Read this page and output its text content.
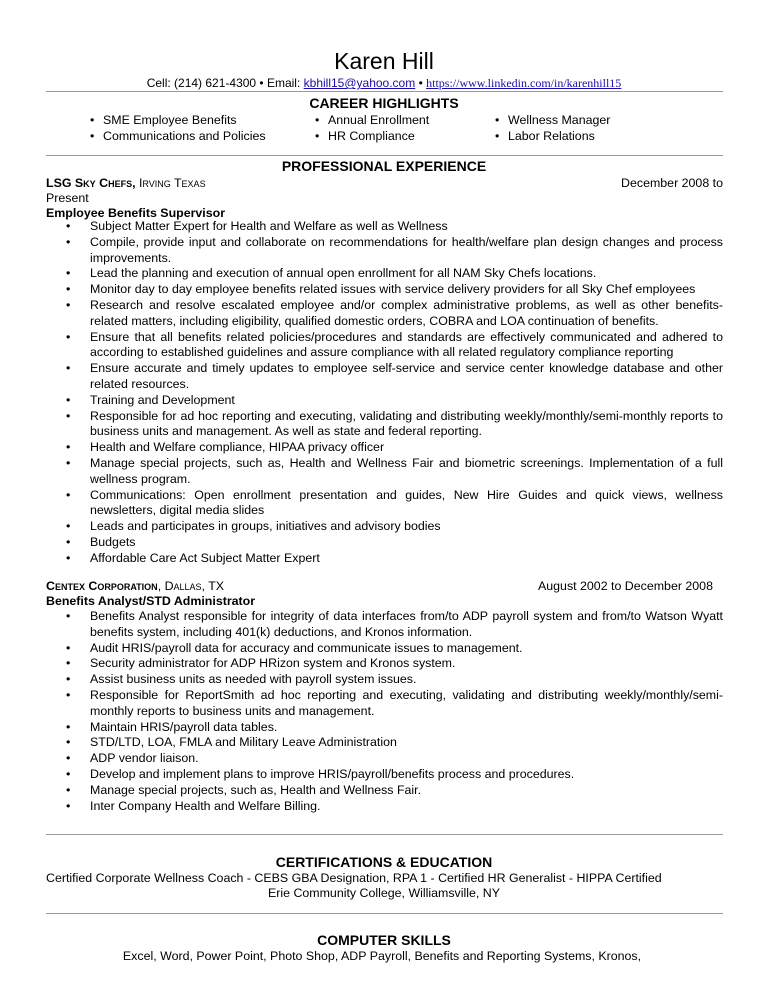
Karen Hill
Cell: (214) 621-4300 • Email: kbhill15@yahoo.com • https://www.linkedin.com/in/karenhill15
CAREER HIGHLIGHTS
• SME Employee Benefits
• Communications and Policies
• Annual Enrollment
• HR Compliance
• Wellness Manager
• Labor Relations
PROFESSIONAL EXPERIENCE
LSG Sky Chefs, Irving Texas	December 2008 to
Present
Employee Benefits Supervisor
• Subject Matter Expert for Health and Welfare as well as Wellness
• Compile, provide input and collaborate on recommendations for health/welfare plan design changes and process improvements.
• Lead the planning and execution of annual open enrollment for all NAM Sky Chefs locations.
• Monitor day to day employee benefits related issues with service delivery providers for all Sky Chef employees
• Research and resolve escalated employee and/or complex administrative problems, as well as other benefits-related matters, including eligibility, qualified domestic orders, COBRA and LOA continuation of benefits.
• Ensure that all benefits related policies/procedures and standards are effectively communicated and adhered to according to established guidelines and assure compliance with all related regulatory compliance reporting
• Ensure accurate and timely updates to employee self-service and service center knowledge database and other related resources.
• Training and Development
• Responsible for ad hoc reporting and executing, validating and distributing weekly/monthly/semi-monthly reports to business units and management. As well as state and federal reporting.
• Health and Welfare compliance, HIPAA privacy officer
• Manage special projects, such as, Health and Wellness Fair and biometric screenings. Implementation of a full wellness program.
• Communications: Open enrollment presentation and guides, New Hire Guides and quick views, wellness newsletters, digital media slides
• Leads and participates in groups, initiatives and advisory bodies
• Budgets
• Affordable Care Act Subject Matter Expert
Centex Corporation, Dallas, TX	August 2002 to December 2008
Benefits Analyst/STD Administrator
• Benefits Analyst responsible for integrity of data interfaces from/to ADP payroll system and from/to Watson Wyatt benefits system, including 401(k) deductions, and Kronos information.
• Audit HRIS/payroll data for accuracy and communicate issues to management.
• Security administrator for ADP HRizon system and Kronos system.
• Assist business units as needed with payroll system issues.
• Responsible for ReportSmith ad hoc reporting and executing, validating and distributing weekly/monthly/semi-monthly reports to business units and management.
• Maintain HRIS/payroll data tables.
• STD/LTD, LOA, FMLA and Military Leave Administration
• ADP vendor liaison.
• Develop and implement plans to improve HRIS/payroll/benefits process and procedures.
• Manage special projects, such as, Health and Wellness Fair.
• Inter Company Health and Welfare Billing.
CERTIFICATIONS & EDUCATION
Certified Corporate Wellness Coach - CEBS GBA Designation, RPA 1 - Certified HR Generalist - HIPPA Certified
Erie Community College, Williamsville, NY
COMPUTER SKILLS
Excel, Word, Power Point, Photo Shop, ADP Payroll, Benefits and Reporting Systems, Kronos,
